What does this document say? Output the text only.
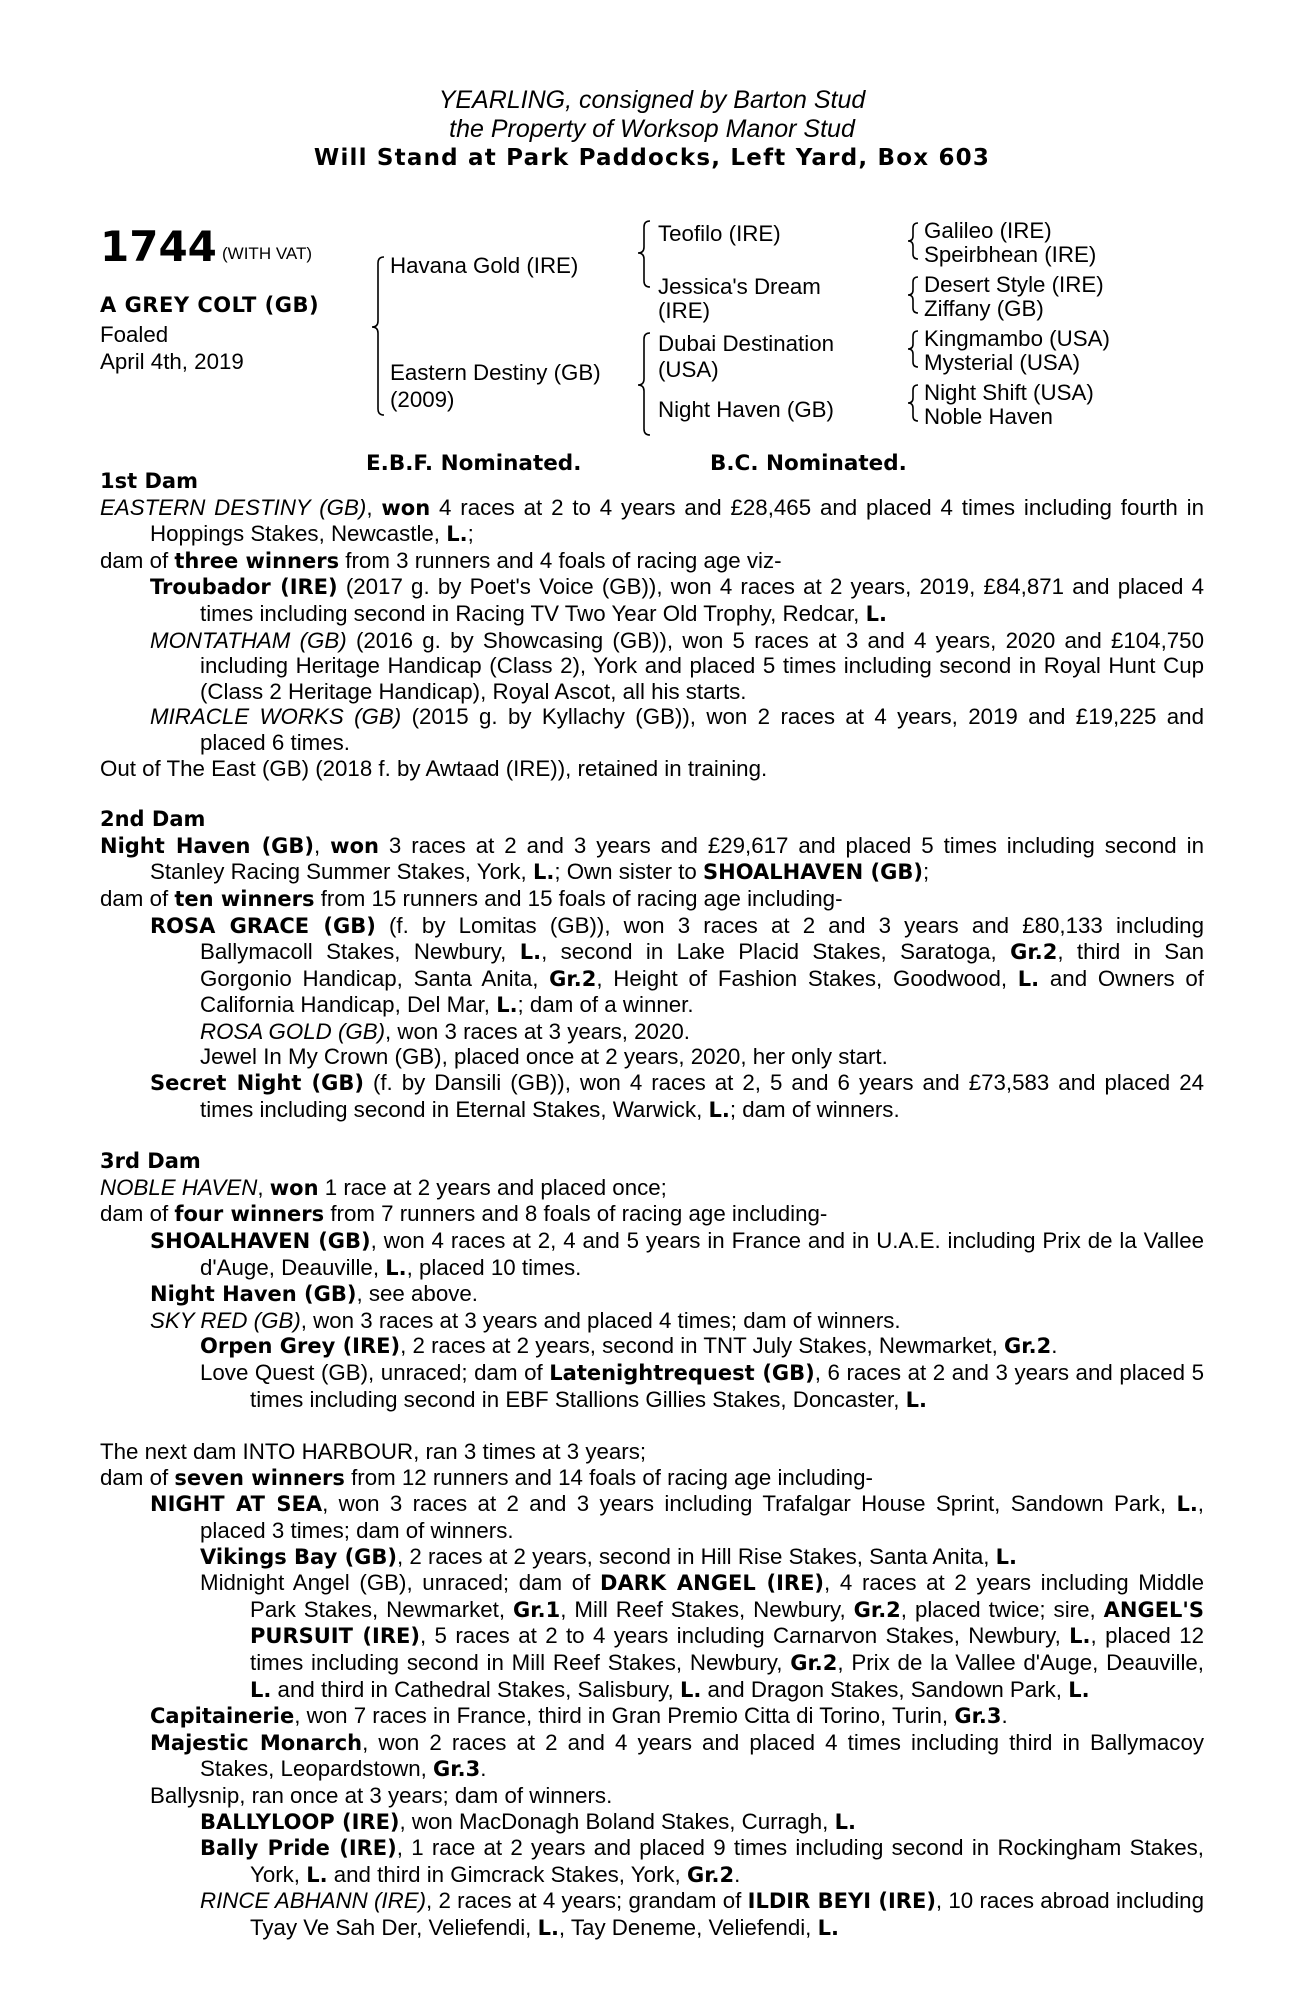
YEARLING, consigned by Barton Stud
the Property of Worksop Manor Stud
Will Stand at Park Paddocks, Left Yard, Box 603
1744 (WITH VAT)
A GREY COLT (GB)
Foaled
April 4th, 2019
Havana Gold (IRE)
Eastern Destiny (GB)
(2009)
Teofilo (IRE)
Jessica's Dream
(IRE)
Dubai Destination
(USA)
Night Haven (GB)
Galileo (IRE)
Speirbhean (IRE)
Desert Style (IRE)
Ziffany (GB)
Kingmambo (USA)
Mysterial (USA)
Night Shift (USA)
Noble Haven
E.B.F. Nominated.	B.C. Nominated.

1st Dam

EASTERN DESTINY (GB), won 4 races at 2 to 4 years and £28,465 and placed 4 times including fourth in Hoppings Stakes, Newcastle, L.;

dam of three winners from 3 runners and 4 foals of racing age viz-

Troubador (IRE) (2017 g. by Poet's Voice (GB)), won 4 races at 2 years, 2019, £84,871 and placed 4 times including second in Racing TV Two Year Old Trophy, Redcar, L.

MONTATHAM (GB) (2016 g. by Showcasing (GB)), won 5 races at 3 and 4 years, 2020 and £104,750 including Heritage Handicap (Class 2), York and placed 5 times including second in Royal Hunt Cup (Class 2 Heritage Handicap), Royal Ascot, all his starts.

MIRACLE WORKS (GB) (2015 g. by Kyllachy (GB)), won 2 races at 4 years, 2019 and £19,225 and placed 6 times.

Out of The East (GB) (2018 f. by Awtaad (IRE)), retained in training.

2nd Dam

Night Haven (GB), won 3 races at 2 and 3 years and £29,617 and placed 5 times including second in Stanley Racing Summer Stakes, York, L.; Own sister to SHOALHAVEN (GB);

dam of ten winners from 15 runners and 15 foals of racing age including-

ROSA GRACE (GB) (f. by Lomitas (GB)), won 3 races at 2 and 3 years and £80,133 including Ballymacoll Stakes, Newbury, L., second in Lake Placid Stakes, Saratoga, Gr.2, third in San Gorgonio Handicap, Santa Anita, Gr.2, Height of Fashion Stakes, Goodwood, L. and Owners of California Handicap, Del Mar, L.; dam of a winner.

ROSA GOLD (GB), won 3 races at 3 years, 2020.

Jewel In My Crown (GB), placed once at 2 years, 2020, her only start.

Secret Night (GB) (f. by Dansili (GB)), won 4 races at 2, 5 and 6 years and £73,583 and placed 24 times including second in Eternal Stakes, Warwick, L.; dam of winners.

3rd Dam

NOBLE HAVEN, won 1 race at 2 years and placed once;

dam of four winners from 7 runners and 8 foals of racing age including-

SHOALHAVEN (GB), won 4 races at 2, 4 and 5 years in France and in U.A.E. including Prix de la Vallee d'Auge, Deauville, L., placed 10 times.

Night Haven (GB), see above.

SKY RED (GB), won 3 races at 3 years and placed 4 times; dam of winners.

Orpen Grey (IRE), 2 races at 2 years, second in TNT July Stakes, Newmarket, Gr.2.

Love Quest (GB), unraced; dam of Latenightrequest (GB), 6 races at 2 and 3 years and placed 5 times including second in EBF Stallions Gillies Stakes, Doncaster, L.

The next dam INTO HARBOUR, ran 3 times at 3 years;

dam of seven winners from 12 runners and 14 foals of racing age including-

NIGHT AT SEA, won 3 races at 2 and 3 years including Trafalgar House Sprint, Sandown Park, L., placed 3 times; dam of winners.

Vikings Bay (GB), 2 races at 2 years, second in Hill Rise Stakes, Santa Anita, L.

Midnight Angel (GB), unraced; dam of DARK ANGEL (IRE), 4 races at 2 years including Middle Park Stakes, Newmarket, Gr.1, Mill Reef Stakes, Newbury, Gr.2, placed twice; sire, ANGEL'S PURSUIT (IRE), 5 races at 2 to 4 years including Carnarvon Stakes, Newbury, L., placed 12 times including second in Mill Reef Stakes, Newbury, Gr.2, Prix de la Vallee d'Auge, Deauville, L. and third in Cathedral Stakes, Salisbury, L. and Dragon Stakes, Sandown Park, L.

Capitainerie, won 7 races in France, third in Gran Premio Citta di Torino, Turin, Gr.3.

Majestic Monarch, won 2 races at 2 and 4 years and placed 4 times including third in Ballymacoy Stakes, Leopardstown, Gr.3.

Ballysnip, ran once at 3 years; dam of winners.

BALLYLOOP (IRE), won MacDonagh Boland Stakes, Curragh, L.

Bally Pride (IRE), 1 race at 2 years and placed 9 times including second in Rockingham Stakes, York, L. and third in Gimcrack Stakes, York, Gr.2.

RINCE ABHANN (IRE), 2 races at 4 years; grandam of ILDIR BEYI (IRE), 10 races abroad including Tyay Ve Sah Der, Veliefendi, L., Tay Deneme, Veliefendi, L.
